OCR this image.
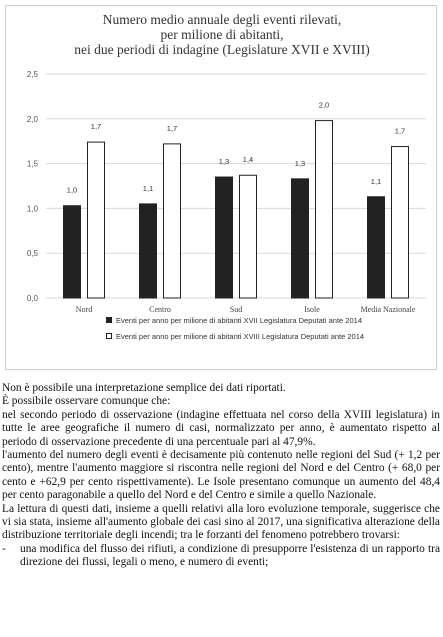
Numero medio annuale degli eventi rilevati,
per milione di abitanti,
nei due periodi di indagine (Legislature XVII e XVIII)
0,0
0,5
1,0
1,5
2,0
2,5
1,0
1,7
Nord
1,1
1,7
Centro
1,3 1,4
Sud
1,3
2,0
Isole
1,1
1,7
Media Nazionale
Eventi per anno per milione di abitanti XVII Legislatura Deputati ante 2014
Eventi per anno per milione di abitanti XVIII Legislatura Deputati ante 2014

Non è possibile una interpretazione semplice dei dati riportati.

È possibile osservare comunque che:

nel secondo periodo di osservazione (indagine effettuata nel corso della XVIII legislatura) in tutte le aree geografiche il numero di casi, normalizzato per anno, è aumentato rispetto al periodo di osservazione precedente di una percentuale pari al 47,9%.

l'aumento del numero degli eventi è decisamente più contenuto nelle regioni del Sud (+ 1,2 per cento), mentre l'aumento maggiore si riscontra nelle regioni del Nord e del Centro (+ 68,0 per cento e +62,9 per cento rispettivamente). Le Isole presentano comunque un aumento del 48,4 per cento paragonabile a quello del Nord e del Centro e simile a quello Nazionale.

La lettura di questi dati, insieme a quelli relativi alla loro evoluzione temporale, suggerisce che vi sia stata, insieme all'aumento globale dei casi sino al 2017, una significativa alterazione della distribuzione territoriale degli incendi; tra le forzanti del fenomeno potrebbero trovarsi:

- una modifica del flusso dei rifiuti, a condizione di presupporre l'esistenza di un rapporto tra direzione dei flussi, legali o meno, e numero di eventi;
